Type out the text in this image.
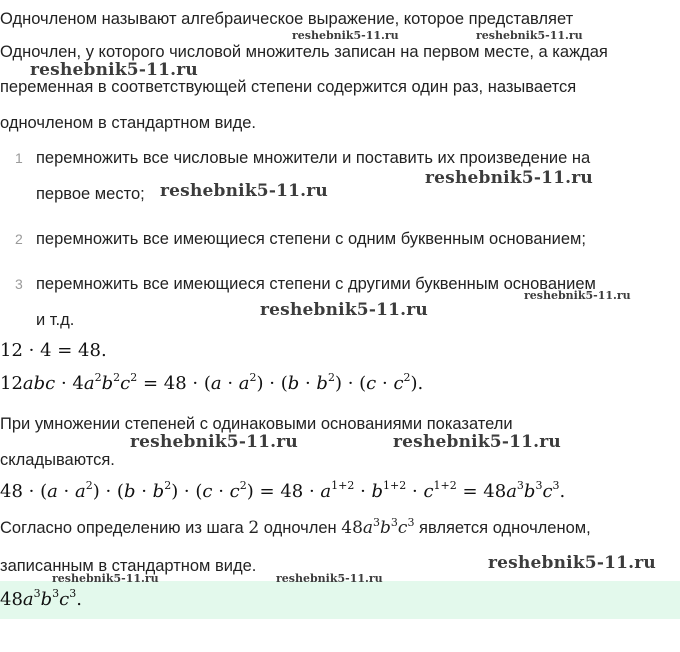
Одночленом называют алгебраическое выражение, которое представляет
Одночлен, у которого числовой множитель записан на первом месте, а каждая
переменная в соответствующей степени содержится один раз, называется
одночленом в стандартном виде.
1 перемножить все числовые множители и поставить их произведение на
первое место;
2 перемножить все имеющиеся степени с одним буквенным основанием;
3 перемножить все имеющиеся степени с другими буквенным основанием
и т.д.
12 · 4 = 48.
$12abc \cdot 4a^2b^2c^2 = 48 \cdot (a \cdot a^2) \cdot (b \cdot b^2) \cdot (c \cdot c^2)$.
При умножении степеней с одинаковыми основаниями показатели
складываются.
$48 \cdot (a \cdot a^2) \cdot (b \cdot b^2) \cdot (c \cdot c^2) = 48 \cdot a^{1+2} \cdot b^{1+2} \cdot c^{1+2} = 48a^3b^3c^3$.
Согласно определению из шага 2 одночлен $48a^3b^3c^3$ является одночленом,
записанным в стандартном виде.
$48a^3b^3c^3$.
reshebnik5-11.ru	reshebnik5-11.ru
reshebnik5-11.ru
reshebnik5-11.ru
reshebnik5-11.ru
reshebnik5-11.ru
reshebnik5-11.ru
reshebnik5-11.ru	reshebnik5-11.ru
reshebnik5-11.ru
reshebnik5-11.ru	reshebnik5-11.ru
